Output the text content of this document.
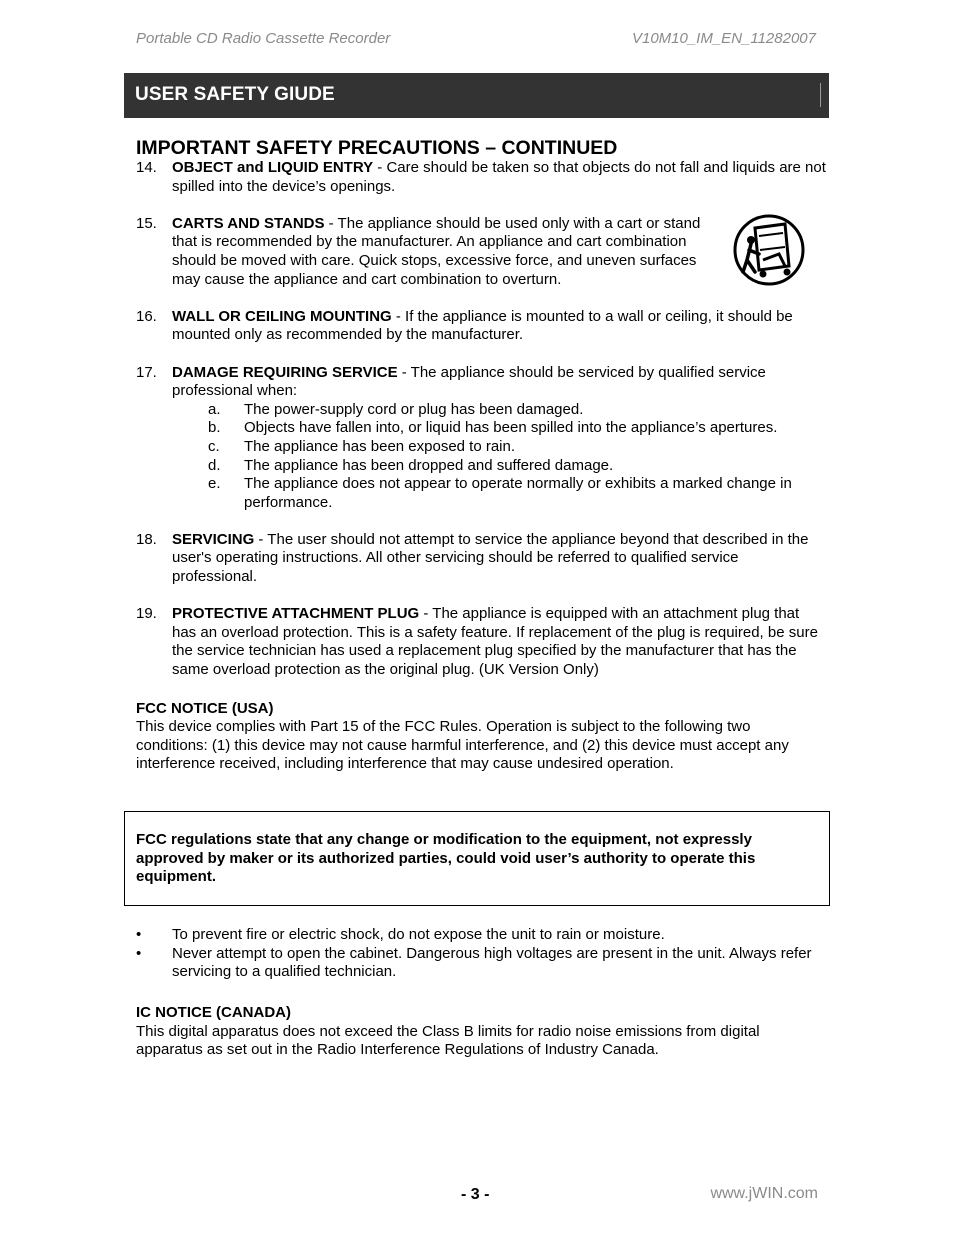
Portable CD Radio Cassette Recorder	V10M10_IM_EN_11282007
USER SAFETY GIUDE
IMPORTANT SAFETY PRECAUTIONS – CONTINUED
14. OBJECT and LIQUID ENTRY - Care should be taken so that objects do not fall and liquids are not spilled into the device’s openings.
15. CARTS AND STANDS - The appliance should be used only with a cart or stand that is recommended by the manufacturer. An appliance and cart combination should be moved with care. Quick stops, excessive force, and uneven surfaces may cause the appliance and cart combination to overturn.
16. WALL OR CEILING MOUNTING - If the appliance is mounted to a wall or ceiling, it should be mounted only as recommended by the manufacturer.
17. DAMAGE REQUIRING SERVICE - The appliance should be serviced by qualified service professional when:
a. The power-supply cord or plug has been damaged.
b. Objects have fallen into, or liquid has been spilled into the appliance’s apertures.
c. The appliance has been exposed to rain.
d. The appliance has been dropped and suffered damage.
e. The appliance does not appear to operate normally or exhibits a marked change in performance.
18. SERVICING - The user should not attempt to service the appliance beyond that described in the user's operating instructions. All other servicing should be referred to qualified service professional.
19. PROTECTIVE ATTACHMENT PLUG - The appliance is equipped with an attachment plug that has an overload protection. This is a safety feature. If replacement of the plug is required, be sure the service technician has used a replacement plug specified by the manufacturer that has the same overload protection as the original plug. (UK Version Only)
FCC NOTICE (USA)
This device complies with Part 15 of the FCC Rules. Operation is subject to the following two conditions: (1) this device may not cause harmful interference, and (2) this device must accept any interference received, including interference that may cause undesired operation.
FCC regulations state that any change or modification to the equipment, not expressly approved by maker or its authorized parties, could void user’s authority to operate this equipment.
• To prevent fire or electric shock, do not expose the unit to rain or moisture.
• Never attempt to open the cabinet. Dangerous high voltages are present in the unit. Always refer servicing to a qualified technician.
IC NOTICE (CANADA)
This digital apparatus does not exceed the Class B limits for radio noise emissions from digital apparatus as set out in the Radio Interference Regulations of Industry Canada.
- 3 -	www.jWIN.com
